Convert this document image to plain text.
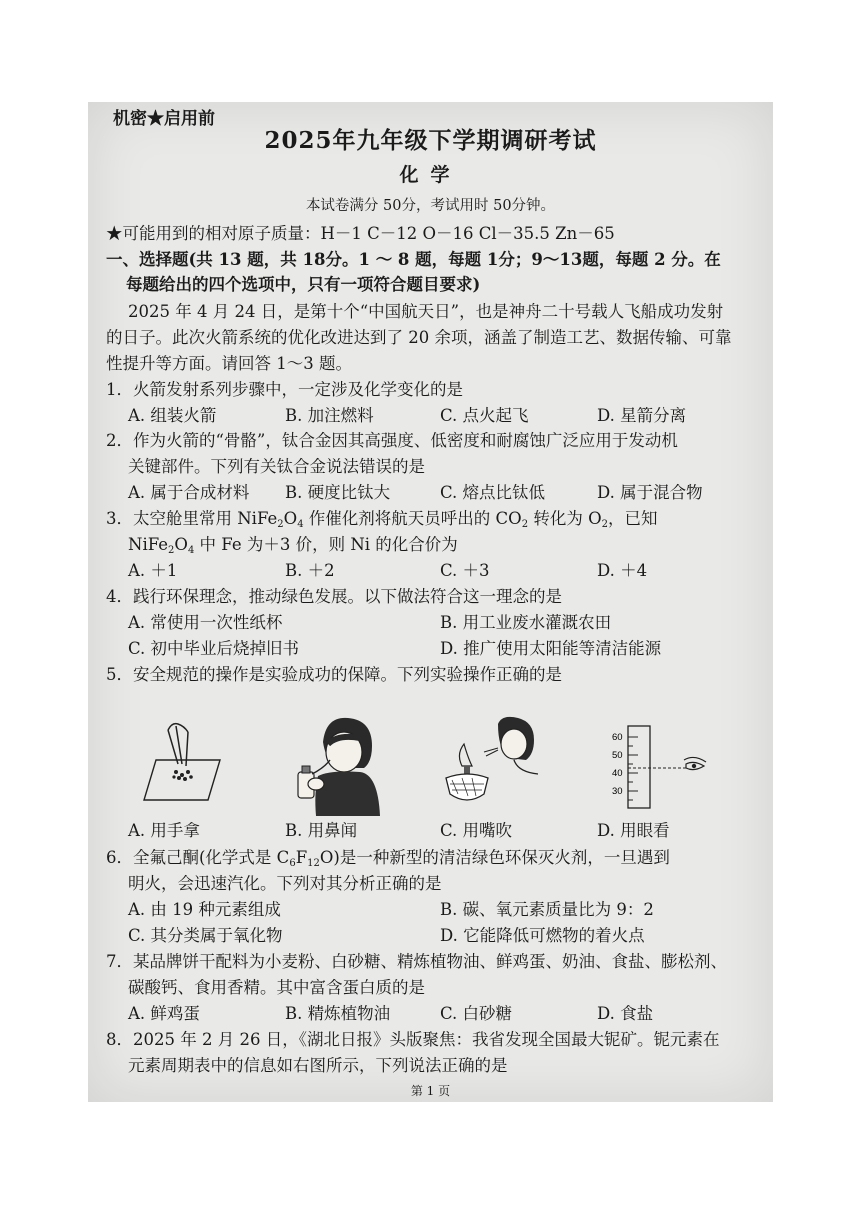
机密★启用前
2025年九年级下学期调研考试
化学
本试卷满分 50分，考试用时 50分钟。
★可能用到的相对原子质量：H－1 C－12 O－16 Cl－35.5 Zn－65
一、选择题(共 13 题，共 18分。1 ～ 8 题，每题 1分；9～13题，每题 2 分。在
每题给出的四个选项中，只有一项符合题目要求)
2025 年 4 月 24 日，是第十个“中国航天日”，也是神舟二十号载人飞船成功发射
的日子。此次火箭系统的优化改进达到了 20 余项，涵盖了制造工艺、数据传输、可靠
性提升等方面。请回答 1～3 题。
1．火箭发射系列步骤中，一定涉及化学变化的是
A. 组装火箭	B. 加注燃料	C. 点火起飞	D. 星箭分离
2．作为火箭的“骨骼”，钛合金因其高强度、低密度和耐腐蚀广泛应用于发动机
关键部件。下列有关钛合金说法错误的是
A. 属于合成材料 B. 硬度比钛大	C. 熔点比钛低	D. 属于混合物
3．太空舱里常用 $NiFe_2O_4$ 作催化剂将航天员呼出的 $CO_2$ 转化为 $O_2$，已知
$NiFe_2O_4$ 中 Fe 为＋3 价，则 Ni 的化合价为
A. ＋1	B. ＋2	C. ＋3	D. ＋4
4．践行环保理念，推动绿色发展。以下做法符合这一理念的是
A. 常使用一次性纸杯	B. 用工业废水灌溉农田
C. 初中毕业后烧掉旧书	D. 推广使用太阳能等清洁能源
5．安全规范的操作是实验成功的保障。下列实验操作正确的是
60
50
40
30
A. 用手拿	B. 用鼻闻	C. 用嘴吹	D. 用眼看
6．全氟己酮(化学式是 $C_6F_{12}O$)是一种新型的清洁绿色环保灭火剂，一旦遇到
明火，会迅速汽化。下列对其分析正确的是
A. 由 19 种元素组成	B. 碳、氧元素质量比为 9：2
C. 其分类属于氧化物	D. 它能降低可燃物的着火点
7．某品牌饼干配料为小麦粉、白砂糖、精炼植物油、鲜鸡蛋、奶油、食盐、膨松剂、
碳酸钙、食用香精。其中富含蛋白质的是
A. 鲜鸡蛋	B. 精炼植物油	C. 白砂糖	D. 食盐
8．2025 年 2 月 26 日，《湖北日报》头版聚焦：我省发现全国最大铌矿。铌元素在
元素周期表中的信息如右图所示，下列说法正确的是
第 1 页
